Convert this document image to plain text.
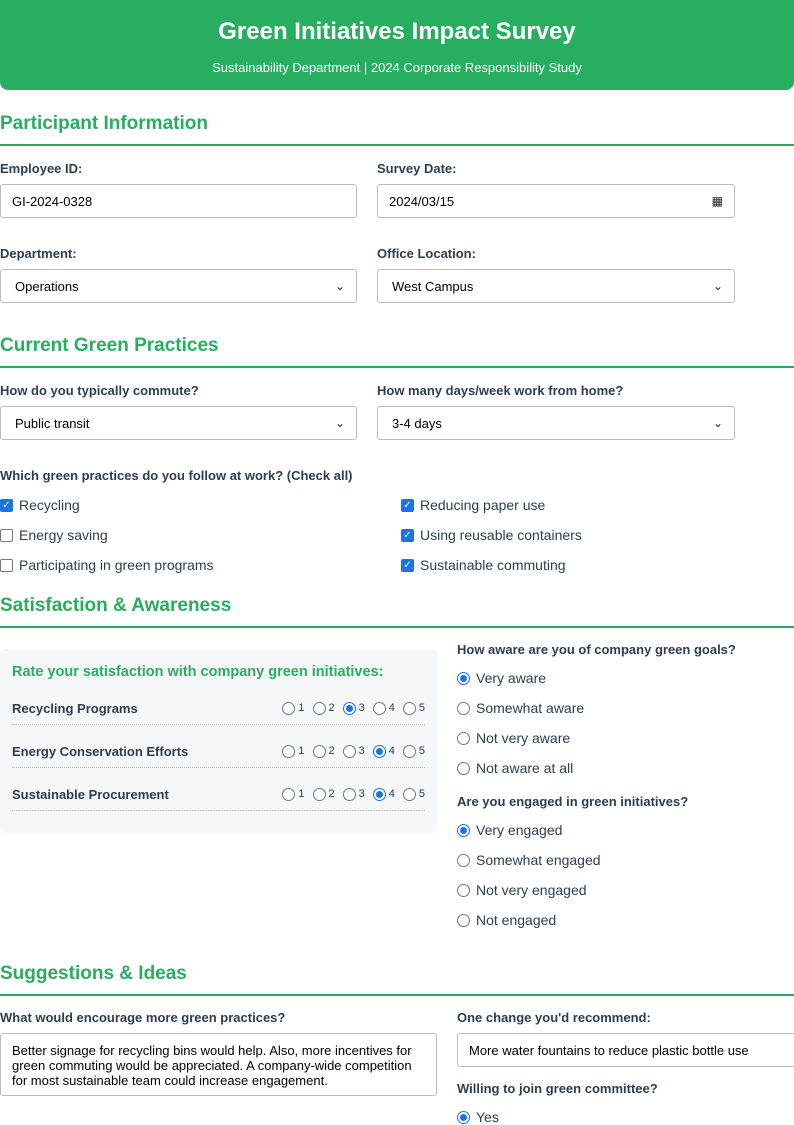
Green Initiatives Impact Survey

Sustainability Department | 2024 Corporate Responsibility Study

Participant Information
Employee ID:
GI-2024-0328
Survey Date:
2024/03/15	▦
Department:
Operations	⌄
Office Location:
West Campus	⌄
Current Green Practices
How do you typically commute?
Public transit	⌄
How many days/week work from home?
3-4 days	⌄
Which green practices do you follow at work? (Check all)
✓ Recycling
Energy saving
Participating in green programs
✓ Reducing paper use
✓ Using reusable containers
✓ Sustainable commuting
Satisfaction & Awareness
Rate your satisfaction with company green initiatives:
Recycling Programs	1 2 3 4 5
Energy Conservation Efforts	1 2 3 4 5
Sustainable Procurement	1 2 3 4 5
How aware are you of company green goals?
Very aware
Somewhat aware
Not very aware
Not aware at all
Are you engaged in green initiatives?
Very engaged
Somewhat engaged
Not very engaged
Not engaged
Suggestions & Ideas
What would encourage more green practices?
Better signage for recycling bins would help. Also, more incentives for green commuting would be appreciated. A company-wide competition for most sustainable team could increase engagement.
One change you'd recommend:
More water fountains to reduce plastic bottle use
Willing to join green committee?
Yes
